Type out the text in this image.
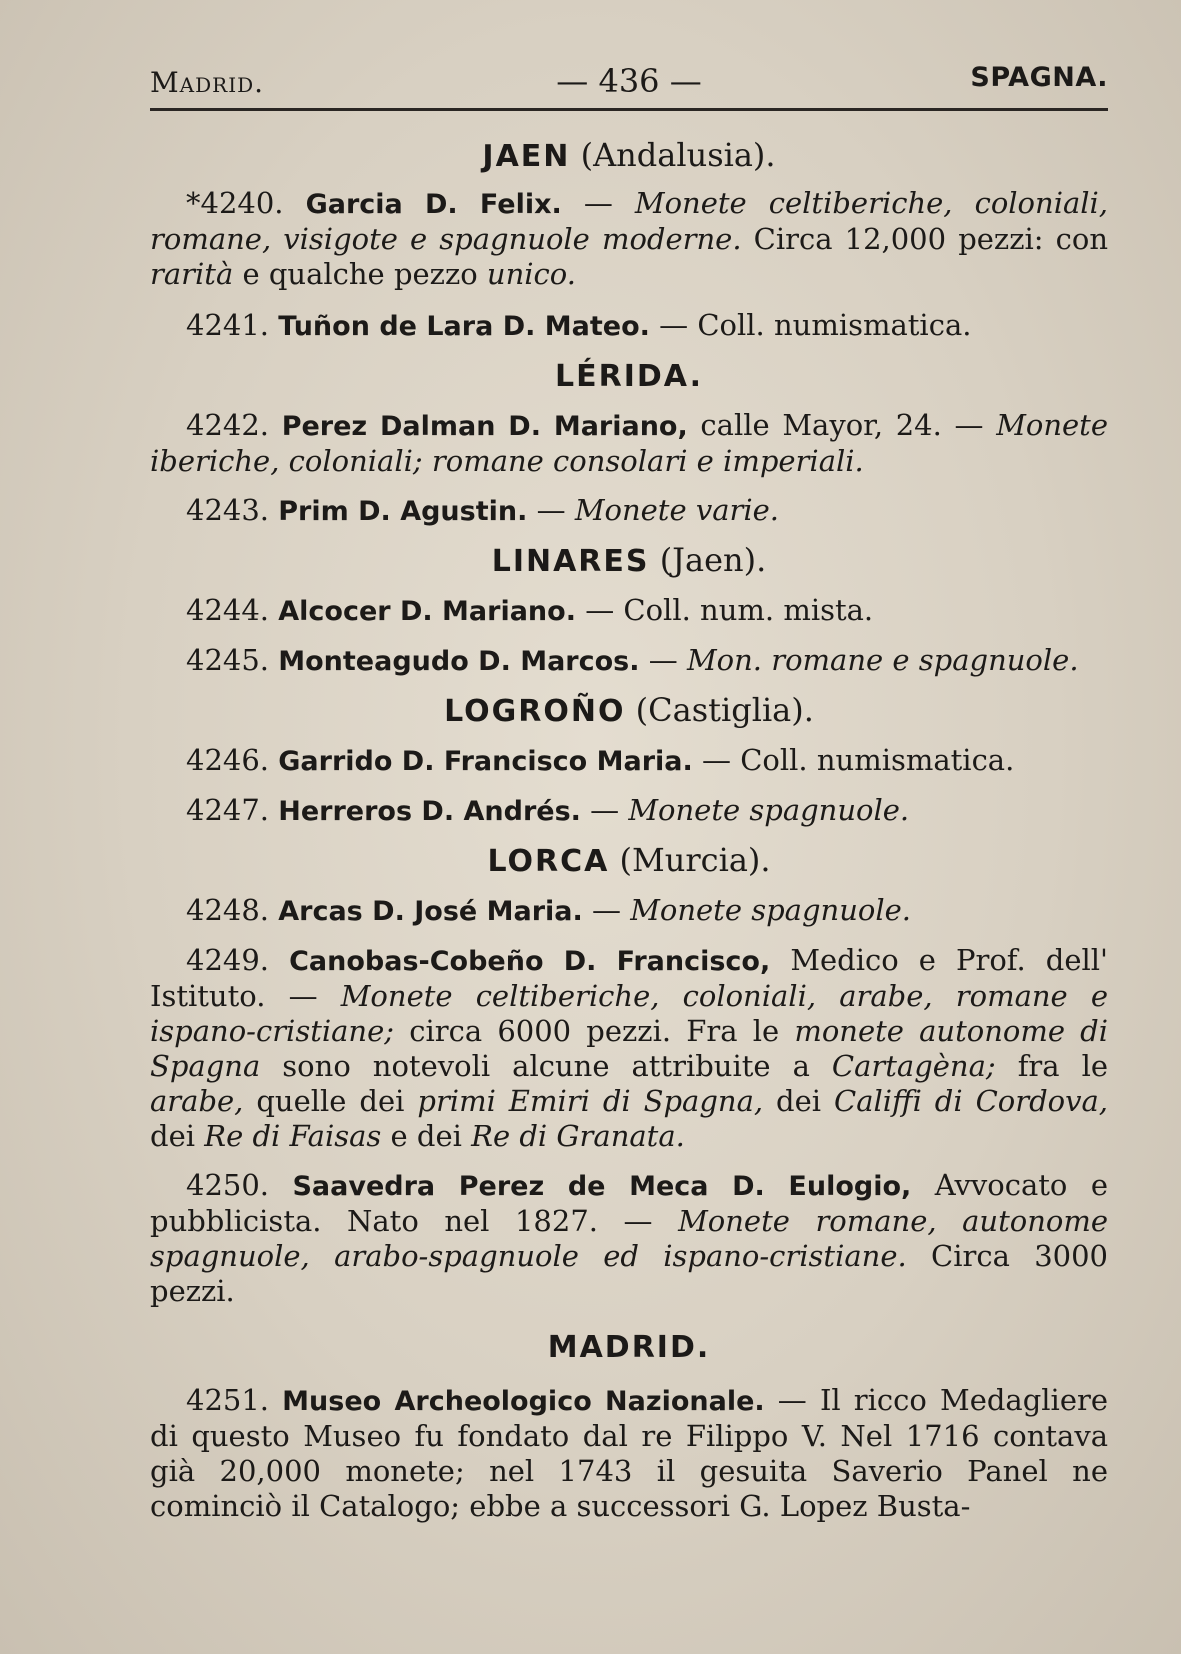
Madrid.	— 436 —	SPAGNA.
JAEN (Andalusia).
*4240. Garcia D. Felix. — Monete celtiberiche, coloniali, romane, visigote e spagnuole moderne. Circa 12,000 pezzi: con rarità e qualche pezzo unico.
4241. Tuñon de Lara D. Mateo. — Coll. numismatica.
LÉRIDA.
4242. Perez Dalman D. Mariano, calle Mayor, 24. — Monete iberiche, coloniali; romane consolari e imperiali.
4243. Prim D. Agustin. — Monete varie.
LINARES (Jaen).
4244. Alcocer D. Mariano. — Coll. num. mista.
4245. Monteagudo D. Marcos. — Mon. romane e spagnuole.
LOGROÑO (Castiglia).
4246. Garrido D. Francisco Maria. — Coll. numismatica.
4247. Herreros D. Andrés. — Monete spagnuole.
LORCA (Murcia).
4248. Arcas D. José Maria. — Monete spagnuole.
4249. Canobas-Cobeño D. Francisco, Medico e Prof. dell' Istituto. — Monete celtiberiche, coloniali, arabe, romane e ispano-cristiane; circa 6000 pezzi. Fra le monete autonome di Spagna sono notevoli alcune attribuite a Cartagèna; fra le arabe, quelle dei primi Emiri di Spagna, dei Califfi di Cordova, dei Re di Faisas e dei Re di Granata.
4250. Saavedra Perez de Meca D. Eulogio, Avvocato e pubblicista. Nato nel 1827. — Monete romane, autonome spagnuole, arabo-spagnuole ed ispano-cristiane. Circa 3000 pezzi.
MADRID.
4251. Museo Archeologico Nazionale. — Il ricco Medagliere di questo Museo fu fondato dal re Filippo V. Nel 1716 contava già 20,000 monete; nel 1743 il gesuita Saverio Panel ne cominciò il Catalogo; ebbe a successori G. Lopez Busta-
